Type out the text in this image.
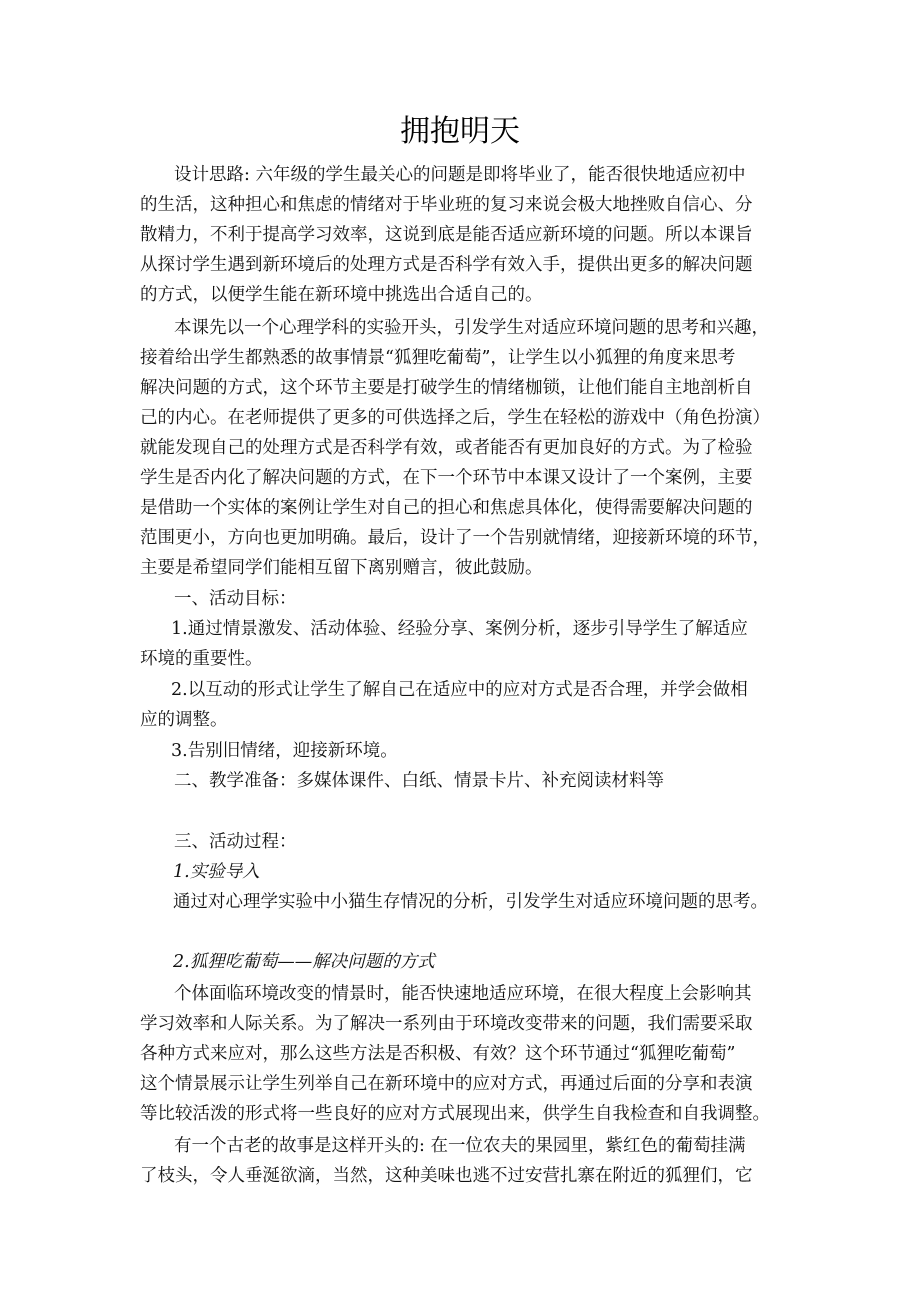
拥抱明天
设计思路: 六年级的学生最关心的问题是即将毕业了，能否很快地适应初中
的生活，这种担心和焦虑的情绪对于毕业班的复习来说会极大地挫败自信心、分
散精力，不利于提高学习效率，这说到底是能否适应新环境的问题。所以本课旨
从探讨学生遇到新环境后的处理方式是否科学有效入手，提供出更多的解决问题
的方式，以便学生能在新环境中挑选出合适自己的。
本课先以一个心理学科的实验开头，引发学生对适应环境问题的思考和兴趣，
接着给出学生都熟悉的故事情景“狐狸吃葡萄”，让学生以小狐狸的角度来思考
解决问题的方式，这个环节主要是打破学生的情绪枷锁，让他们能自主地剖析自
己的内心。在老师提供了更多的可供选择之后，学生在轻松的游戏中（角色扮演）
就能发现自己的处理方式是否科学有效，或者能否有更加良好的方式。为了检验
学生是否内化了解决问题的方式，在下一个环节中本课又设计了一个案例，主要
是借助一个实体的案例让学生对自己的担心和焦虑具体化，使得需要解决问题的
范围更小，方向也更加明确。最后，设计了一个告别就情绪，迎接新环境的环节，
主要是希望同学们能相互留下离别赠言，彼此鼓励。
一、活动目标：
1.通过情景激发、活动体验、经验分享、案例分析，逐步引导学生了解适应
环境的重要性。
2.以互动的形式让学生了解自己在适应中的应对方式是否合理，并学会做相
应的调整。
3.告别旧情绪，迎接新环境。
二、教学准备：多媒体课件、白纸、情景卡片、补充阅读材料等
三、活动过程：
1.实验导入
通过对心理学实验中小猫生存情况的分析，引发学生对适应环境问题的思考。
2.狐狸吃葡萄——解决问题的方式
个体面临环境改变的情景时，能否快速地适应环境，在很大程度上会影响其
学习效率和人际关系。为了解决一系列由于环境改变带来的问题，我们需要采取
各种方式来应对，那么这些方法是否积极、有效？这个环节通过“狐狸吃葡萄”
这个情景展示让学生列举自己在新环境中的应对方式，再通过后面的分享和表演
等比较活泼的形式将一些良好的应对方式展现出来，供学生自我检查和自我调整。
有一个古老的故事是这样开头的: 在一位农夫的果园里，紫红色的葡萄挂满
了枝头，令人垂涎欲滴，当然，这种美味也逃不过安营扎寨在附近的狐狸们，它
